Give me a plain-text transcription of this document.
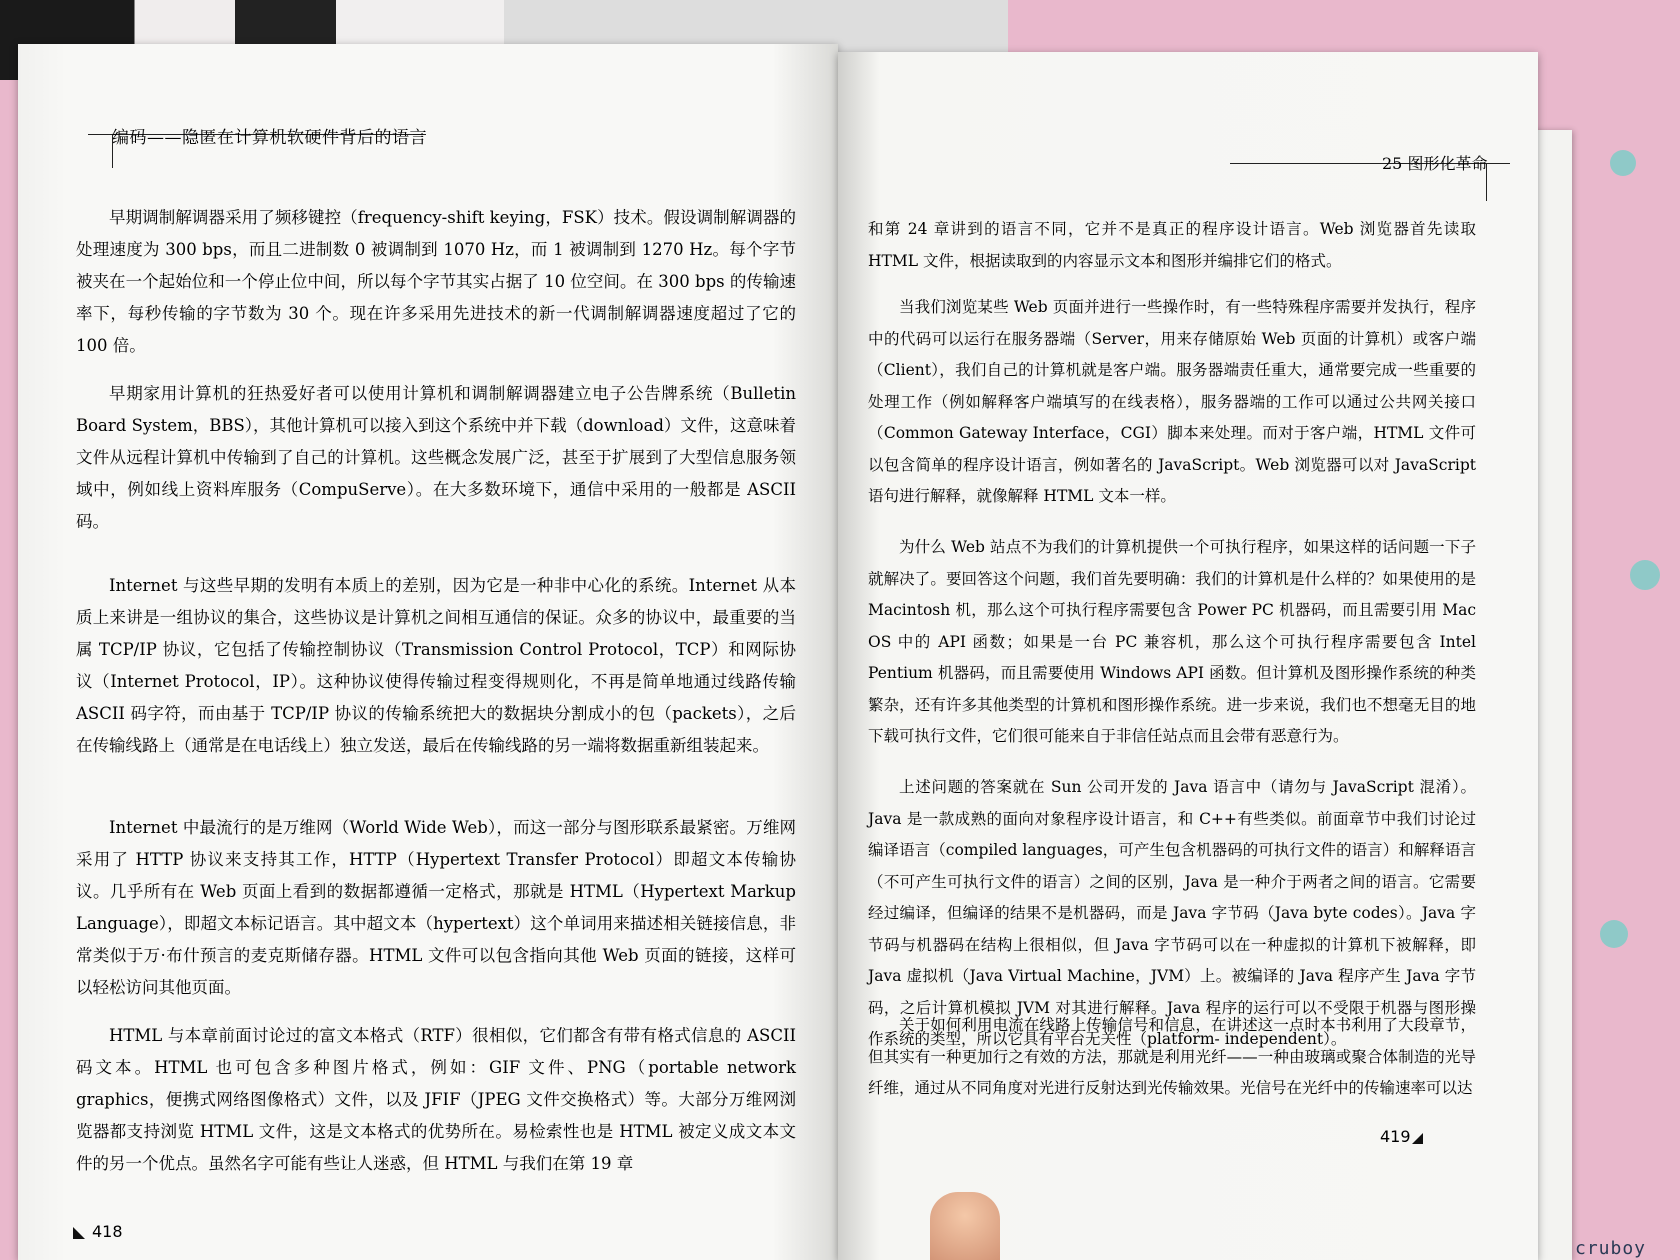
编码——隐匿在计算机软硬件背后的语言
25 图形化革命

早期调制解调器采用了频移键控（frequency-shift keying，FSK）技术。假设调制解调器的处理速度为 300 bps，而且二进制数 0 被调制到 1070 Hz，而 1 被调制到 1270 Hz。每个字节被夹在一个起始位和一个停止位中间，所以每个字节其实占据了 10 位空间。在 300 bps 的传输速率下，每秒传输的字节数为 30 个。现在许多采用先进技术的新一代调制解调器速度超过了它的 100 倍。

早期家用计算机的狂热爱好者可以使用计算机和调制解调器建立电子公告牌系统（Bulletin Board System，BBS），其他计算机可以接入到这个系统中并下载（download）文件，这意味着文件从远程计算机中传输到了自己的计算机。这些概念发展广泛，甚至于扩展到了大型信息服务领域中，例如线上资料库服务（CompuServe）。在大多数环境下，通信中采用的一般都是 ASCII 码。

Internet 与这些早期的发明有本质上的差别，因为它是一种非中心化的系统。Internet 从本质上来讲是一组协议的集合，这些协议是计算机之间相互通信的保证。众多的协议中，最重要的当属 TCP/IP 协议，它包括了传输控制协议（Transmission Control Protocol，TCP）和网际协议（Internet Protocol，IP）。这种协议使得传输过程变得规则化，不再是简单地通过线路传输 ASCII 码字符，而由基于 TCP/IP 协议的传输系统把大的数据块分割成小的包（packets），之后在传输线路上（通常是在电话线上）独立发送，最后在传输线路的另一端将数据重新组装起来。

Internet 中最流行的是万维网（World Wide Web），而这一部分与图形联系最紧密。万维网采用了 HTTP 协议来支持其工作，HTTP（Hypertext Transfer Protocol）即超文本传输协议。几乎所有在 Web 页面上看到的数据都遵循一定格式，那就是 HTML（Hypertext Markup Language），即超文本标记语言。其中超文本（hypertext）这个单词用来描述相关链接信息，非常类似于万·布什预言的麦克斯储存器。HTML 文件可以包含指向其他 Web 页面的链接，这样可以轻松访问其他页面。

HTML 与本章前面讨论过的富文本格式（RTF）很相似，它们都含有带有格式信息的 ASCII 码文本。HTML 也可包含多种图片格式，例如：GIF 文件、PNG（portable network graphics，便携式网络图像格式）文件，以及 JFIF（JPEG 文件交换格式）等。大部分万维网浏览器都支持浏览 HTML 文件，这是文本格式的优势所在。易检索性也是 HTML 被定义成文本文件的另一个优点。虽然名字可能有些让人迷惑，但 HTML 与我们在第 19 章

和第 24 章讲到的语言不同，它并不是真正的程序设计语言。Web 浏览器首先读取 HTML 文件，根据读取到的内容显示文本和图形并编排它们的格式。

当我们浏览某些 Web 页面并进行一些操作时，有一些特殊程序需要并发执行，程序中的代码可以运行在服务器端（Server，用来存储原始 Web 页面的计算机）或客户端（Client），我们自己的计算机就是客户端。服务器端责任重大，通常要完成一些重要的处理工作（例如解释客户端填写的在线表格），服务器端的工作可以通过公共网关接口（Common Gateway Interface，CGI）脚本来处理。而对于客户端，HTML 文件可以包含简单的程序设计语言，例如著名的 JavaScript。Web 浏览器可以对 JavaScript 语句进行解释，就像解释 HTML 文本一样。

为什么 Web 站点不为我们的计算机提供一个可执行程序，如果这样的话问题一下子就解决了。要回答这个问题，我们首先要明确：我们的计算机是什么样的？如果使用的是 Macintosh 机，那么这个可执行程序需要包含 Power PC 机器码，而且需要引用 Mac OS 中的 API 函数；如果是一台 PC 兼容机，那么这个可执行程序需要包含 Intel Pentium 机器码，而且需要使用 Windows API 函数。但计算机及图形操作系统的种类繁杂，还有许多其他类型的计算机和图形操作系统。进一步来说，我们也不想毫无目的地下载可执行文件，它们很可能来自于非信任站点而且会带有恶意行为。

上述问题的答案就在 Sun 公司开发的 Java 语言中（请勿与 JavaScript 混淆）。Java 是一款成熟的面向对象程序设计语言，和 C++有些类似。前面章节中我们讨论过编译语言（compiled languages，可产生包含机器码的可执行文件的语言）和解释语言（不可产生可执行文件的语言）之间的区别，Java 是一种介于两者之间的语言。它需要经过编译，但编译的结果不是机器码，而是 Java 字节码（Java byte codes）。Java 字节码与机器码在结构上很相似，但 Java 字节码可以在一种虚拟的计算机下被解释，即 Java 虚拟机（Java Virtual Machine，JVM）上。被编译的 Java 程序产生 Java 字节码，之后计算机模拟 JVM 对其进行解释。Java 程序的运行可以不受限于机器与图形操作系统的类型，所以它具有平台无关性（platform- independent）。

关于如何利用电流在线路上传输信号和信息，在讲述这一点时本书利用了大段章节，但其实有一种更加行之有效的方法，那就是利用光纤——一种由玻璃或聚合体制造的光导纤维，通过从不同角度对光进行反射达到光传输效果。光信号在光纤中的传输速率可以达

418
419
cruboy
